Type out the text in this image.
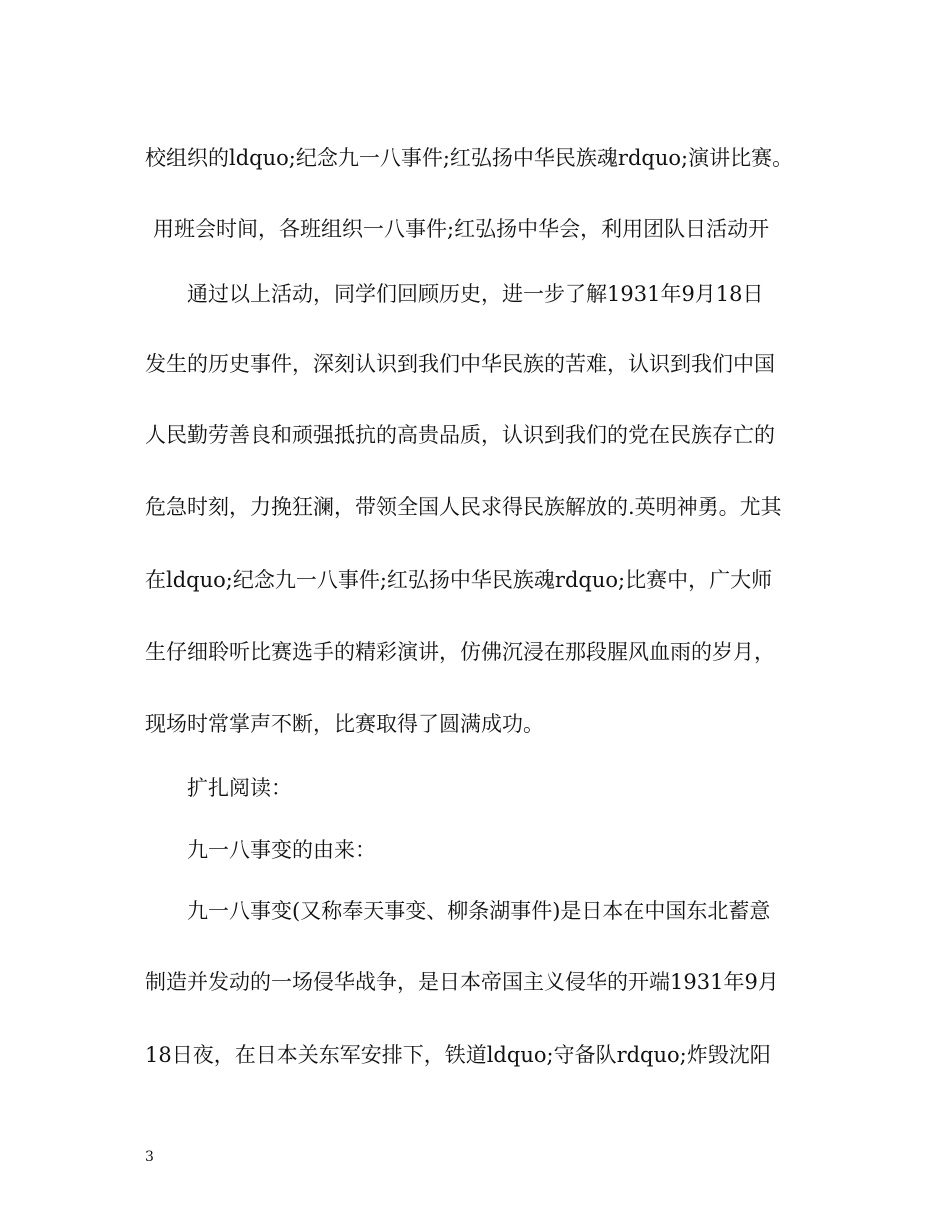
校组织的ldquo;纪念九一八事件;红弘扬中华民族魂rdquo;演讲比赛。
用班会时间，各班组织一八事件;红弘扬中华会，利用团队日活动开
通过以上活动，同学们回顾历史，进一步了解1931年9月18日
发生的历史事件，深刻认识到我们中华民族的苦难，认识到我们中国
人民勤劳善良和顽强抵抗的高贵品质，认识到我们的党在民族存亡的
危急时刻，力挽狂澜，带领全国人民求得民族解放的.英明神勇。尤其
在ldquo;纪念九一八事件;红弘扬中华民族魂rdquo;比赛中，广大师
生仔细聆听比赛选手的精彩演讲，仿佛沉浸在那段腥风血雨的岁月，
现场时常掌声不断，比赛取得了圆满成功。
扩扎阅读：
九一八事变的由来：
九一八事变(又称奉天事变、柳条湖事件)是日本在中国东北蓄意
制造并发动的一场侵华战争，是日本帝国主义侵华的开端1931年9月
18日夜，在日本关东军安排下，铁道ldquo;守备队rdquo;炸毁沈阳
3
